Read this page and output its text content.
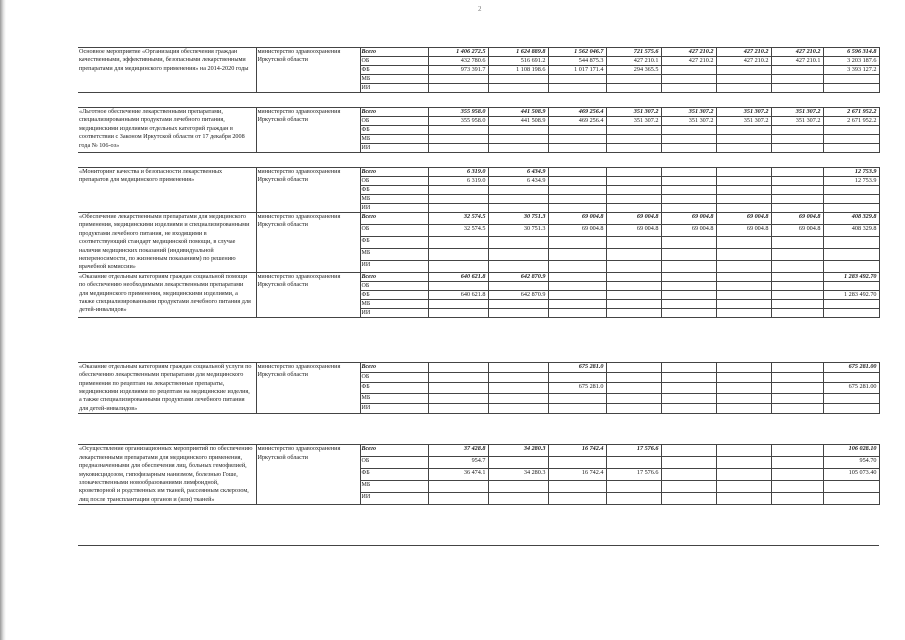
2
Основное мероприятие «Организация обеспечения граждан качественными, эффективными, безопасными лекарственными препаратами для медицинского применения» на 2014-2020 годы	министерство здравоохранения Иркутской области	Всего	1 406 272.5	1 624 889.8	1 562 046.7	721 575.6	427 210.2	427 210.2	427 210.2	6 596 314.8
		ОБ	432 780.6	516 691.2	544 875.3	427 210.1	427 210.2	427 210.2	427 210.1	3 203 187.6
		ФБ	973 391.7	1 108 198.6	1 017 171.4	294 365.5				3 393 127.2
		МБ								
		ИИ								

«Льготное обеспечение лекарственными препаратами, специализированными продуктами лечебного питания, медицинскими изделиями отдельных категорий граждан в соответствии с Законом Иркутской области от 17 декабря 2008 года № 106-оз»	министерство здравоохранения Иркутской области	Всего	355 958.0	441 508.9	469 256.4	351 307.2	351 307.2	351 307.2	351 307.2	2 671 952.2
		ОБ	355 958.0	441 508.9	469 256.4	351 307.2	351 307.2	351 307.2	351 307.2	2 671 952.2
		ФБ								
		МБ								
		ИИ								

«Мониторинг качества и безопасности лекарственных препаратов для медицинского применения»	министерство здравоохранения Иркутской области	Всего	6 319.0	6 434.9						12 753.9
		ОБ	6 319.0	6 434.9						12 753.9
		ФБ								
		МБ								
		ИИ								
«Обеспечение лекарственными препаратами для медицинского применения, медицинскими изделиями и специализированными продуктами лечебного питания, не входящими в соответствующий стандарт медицинской помощи, в случае наличия медицинских показаний (индивидуальной непереносимости, по жизненным показаниям) по решению врачебной комиссии»	министерство здравоохранения Иркутской области	Всего	32 574.5	30 751.3	69 004.8	69 004.8	69 004.8	69 004.8	69 004.8	408 329.8
		ОБ	32 574.5	30 751.3	69 004.8	69 004.8	69 004.8	69 004.8	69 004.8	408 329.8
		ФБ								
		МБ								
		ИИ								
«Оказание отдельным категориям граждан социальной помощи по обеспечению необходимыми лекарственными препаратами для медицинского применения, медицинскими изделиями, а также специализированными продуктами лечебного питания для детей-инвалидов»	министерство здравоохранения Иркутской области	Всего	640 621.8	642 870.9						1 283 492.70
		ОБ								
		ФБ	640 621.8	642 870.9						1 283 492.70
		МБ								
		ИИ								

«Оказание отдельным категориям граждан социальной услуги по обеспечению лекарственными препаратами для медицинского применения по рецептам на лекарственные препараты, медицинскими изделиями по рецептам на медицинские изделия, а также специализированными продуктами лечебного питания для детей-инвалидов»	министерство здравоохранения Иркутской области	Всего			675 281.0					675 281.00
		ОБ								
		ФБ			675 281.0					675 281.00
		МБ								
		ИИ								

«Осуществление организационных мероприятий по обеспечению лекарственными препаратами для медицинского применения, предназначенными для обеспечения лиц, больных гемофилией, муковисцидозом, гипофизарным нанизмом, болезнью Гоше, злокачественными новообразованиями лимфоидной, кроветворной и родственных им тканей, рассеянным склерозом, лиц после трансплантации органов и (или) тканей»	министерство здравоохранения Иркутской области	Всего	37 428.8	34 280.3	16 742.4	17 576.6				106 028.10
		ОБ	954.7							954.70
		ФБ	36 474.1	34 280.3	16 742.4	17 576.6				105 073.40
		МБ								
		ИИ								
